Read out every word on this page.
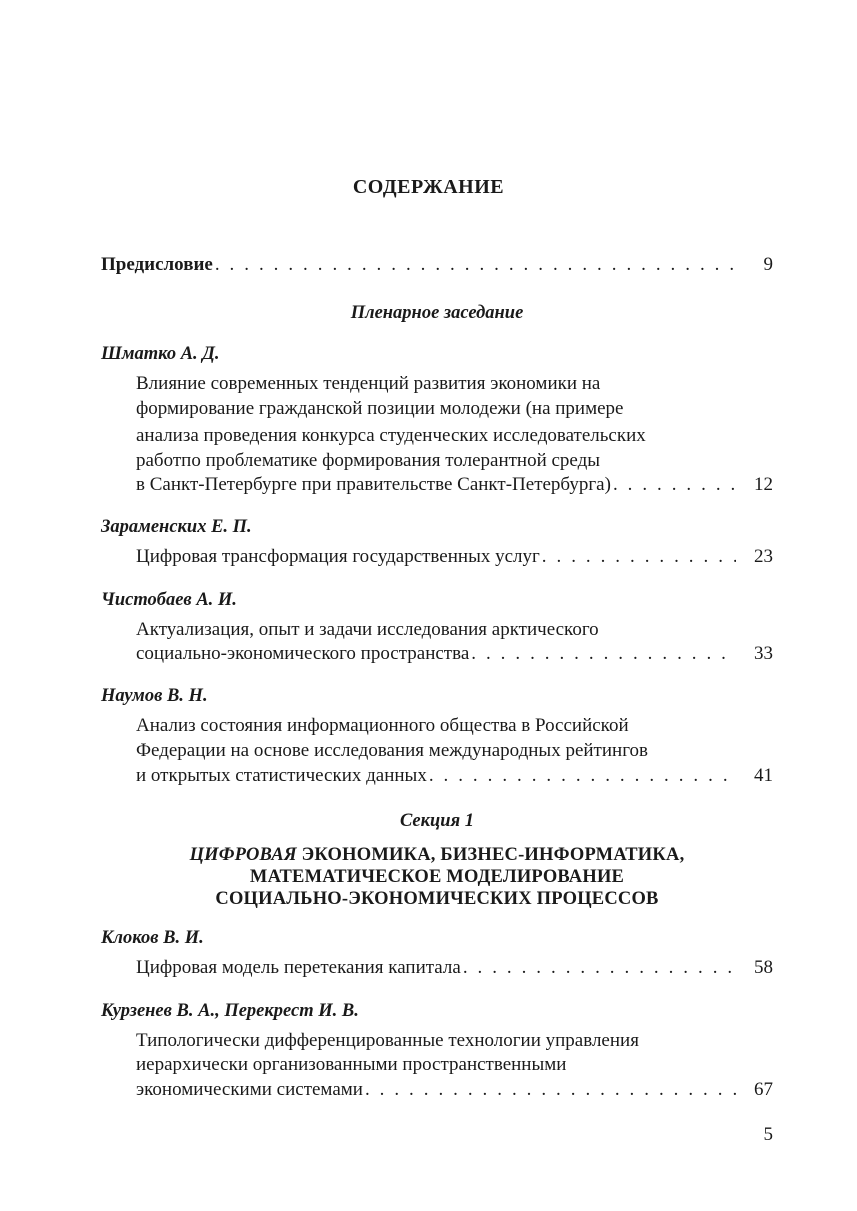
СОДЕРЖАНИЕ
Предисловие . . .	9
Пленарное заседание
Шматко А. Д.
Влияние современных тенденций развития экономики на
формирование гражданской позиции молодежи (на примере
анализа проведения конкурса студенческих исследовательских
работпо проблематике формирования толерантной среды
в Санкт-Петербурге при правительстве Санкт-Петербурга) . . .	12
Зараменских Е. П.
Цифровая трансформация государственных услуг . . .	23
Чистобаев А. И.
Актуализация, опыт и задачи исследования арктического
социально-экономического пространства . . .	33
Наумов В. Н.
Анализ состояния информационного общества в Российской
Федерации на основе исследования международных рейтингов
и открытых статистических данных . . .	41
Секция 1
ЦИФРОВАЯ ЭКОНОМИКА, БИЗНЕС-ИНФОРМАТИКА,
МАТЕМАТИЧЕСКОЕ МОДЕЛИРОВАНИЕ
СОЦИАЛЬНО-ЭКОНОМИЧЕСКИХ ПРОЦЕССОВ
Клоков В. И.
Цифровая модель перетекания капитала . . .	58
Курзенев В. А., Перекрест И. В.
Типологически дифференцированные технологии управления
иерархически организованными пространственными
экономическими системами . . .	67
5
